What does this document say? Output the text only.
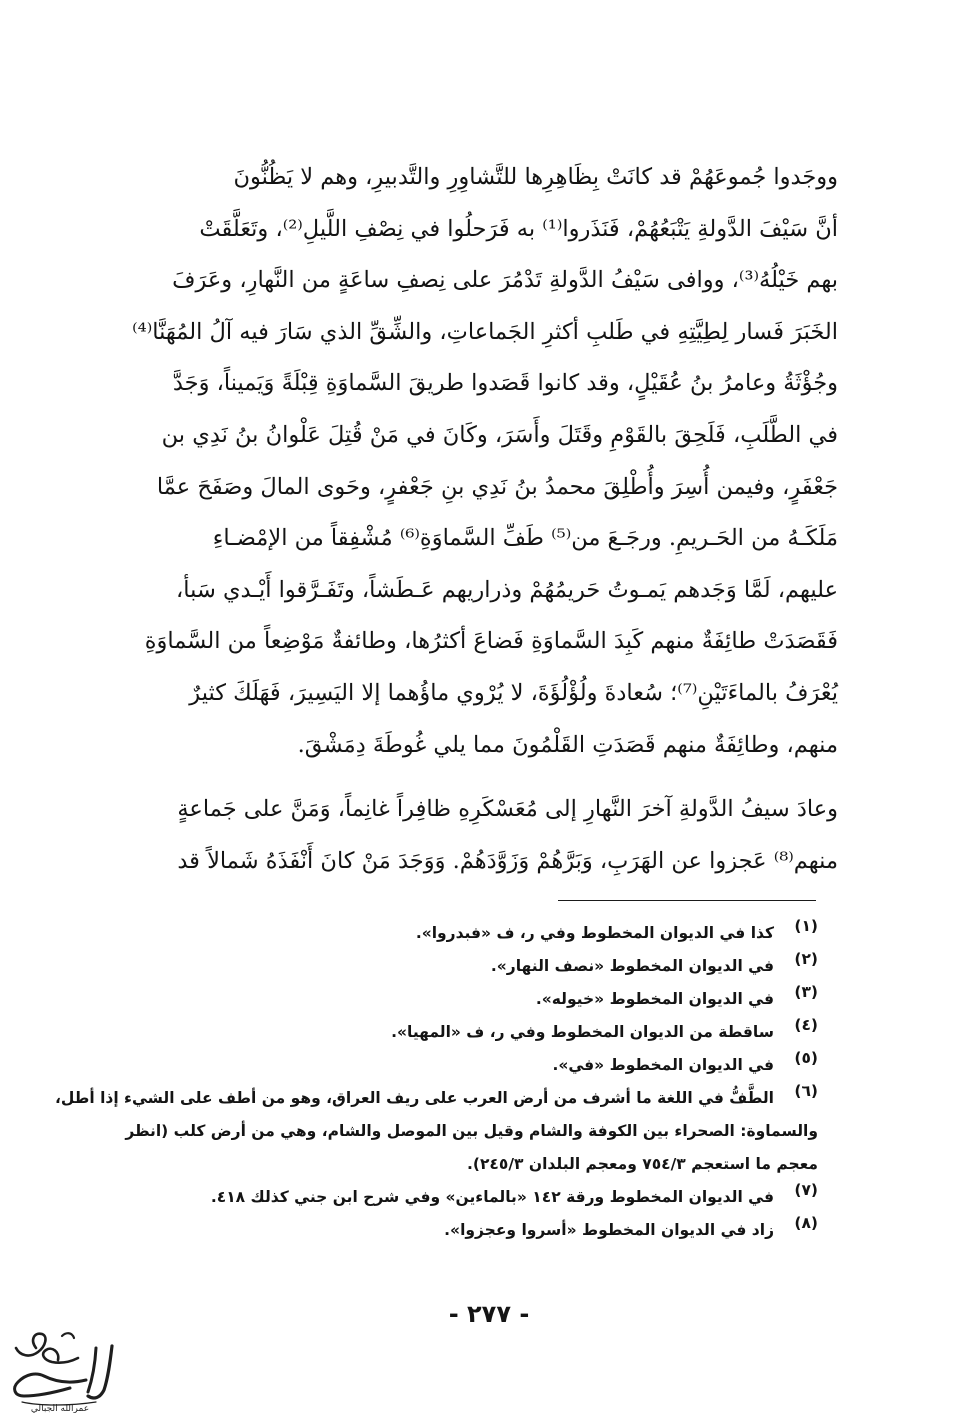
ووجَدوا جُموعَهُمْ قد كانَتْ بِظَاهِرِها للتَّشاوِرِ والتَّدبيرِ، وهم لا يَظُنُّونَ

أنَّ سَيْفَ الدَّولةِ يَتْبَعُهُمْ، فَنَذَروا⁽¹⁾ به فَرَحلُوا في نِصْفِ اللَّيلِ⁽²⁾، وتَعَلَّقَتْ

بهم خَيْلُهُ⁽³⁾، ووافى سَيْفُ الدَّولةِ تَدْمُرَ على نِصفِ ساعَةٍ من النَّهارِ، وعَرَفَ

الخَبَرَ فَسار لِطِيَّتِهِ في طَلبِ أكثرِ الجَماعاتِ، والشِّقِّ الذي سَارَ فيه آلُ المُهَنَّا⁽⁴⁾

وجُؤْثَةُ وعامرُ بنُ عُقَيْلٍ، وقد كانوا قَصَدوا طريقَ السَّماوَةِ قِبْلَةً وَيَميناً، وَجَدَّ

في الطَّلَبِ، فَلَحِقَ بالقَوْمِ وقَتَلَ وأَسَرَ، وكَانَ في مَنْ قُتِلَ عَلْوانُ بنُ نَدِي بن

جَعْفَرٍ، وفيمن أُسِرَ وأُطْلِقَ محمدُ بنُ نَدِي بنِ جَعْفرٍ، وحَوى المالَ وصَفَحَ عمَّا

مَلَكَـهُ من الحَـريمِ. ورجَـعَ من⁽⁵⁾ طَفِّ السَّماوَةِ⁽⁶⁾ مُشْفِقاً من الإمْضـاءِ

عليهم، لَمَّا وَجَدهم يَمـوتُ حَريمُهُمْ وذراريهم عَـطَشاً، وتَفَـرَّقوا أَيْـدي سَبأ،

فَقَصَدَتْ طائِفَةٌ منهم كَبِدَ السَّماوَةِ فَضاعَ أكثرُها، وطائفةٌ مَوْضِعاً من السَّماوَةِ

يُعْرَفُ بالماءَتَيْنِ⁽⁷⁾؛ سُعادةَ ولُؤْلُؤَةَ، لا يُرْوي ماؤُهما إلا اليَسِيرَ، فَهَلَكَ كثيرٌ

منهم، وطائِفَةٌ منهم قَصَدَتِ القَلْمُونَ مما يلي غُوطَةَ دِمَشْقَ.

وعادَ سيفُ الدَّولةِ آخرَ النَّهارِ إلى مُعَسْكَرِهِ ظافِراً غانِماً، وَمَنَّ على جَماعةٍ

منهم⁽⁸⁾ عَجزوا عن الهَرَبِ، وَبَرَّهُمْ وَزَوَّدَهُمْ. وَوَجَدَ مَنْ كانَ أَنْفَذَهُ شَمالاً قد

(١)
كذا في الديوان المخطوط وفي ر، ف «فبدروا».
(٢)
في الديوان المخطوط «نصف النهار».
(٣)
في الديوان المخطوط «خيوله».
(٤)
ساقطة من الديوان المخطوط وفي ر، ف «المهيا».
(٥)
في الديوان المخطوط «في».
(٦)
الطَّفُّ في اللغة ما أشرف من أرض العرب على ريف العراق، وهو من أطف على الشيء إذا أطل،
والسماوة: الصحراء بين الكوفة والشام وقيل بين الموصل والشام، وهي من أرض كلب (انظر
معجم ما استعجم ٧٥٤/٣ ومعجم البلدان ٢٤٥/٣).
(٧)
في الديوان المخطوط ورقة ١٤٢ «بالماءين» وفي شرح ابن جني كذلك ٤١٨.
(٨)
زاد في الديوان المخطوط «أسروا وعجزوا».
- ٢٧٧ -
عمرالله الجبالي
